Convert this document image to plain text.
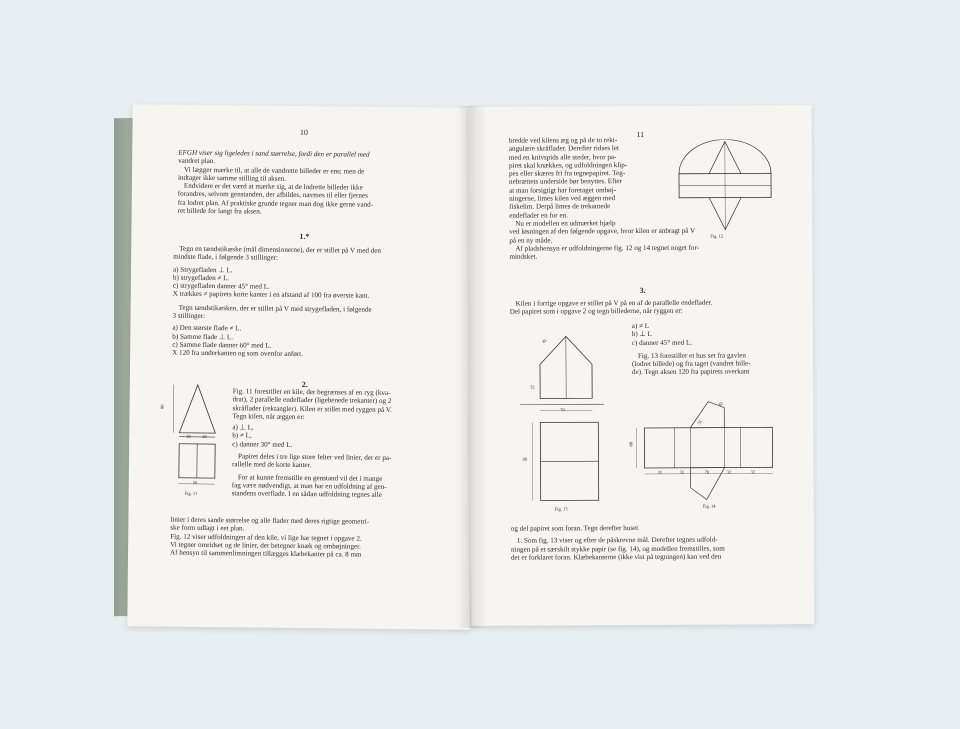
10

EFGH viser sig ligeledes i sand størrelse, fordi den er parallel med

vandret plan.

Vi lægger mærke til, at alle de vandrette billeder er ens; men de

indtager ikke samme stilling til aksen.

Endvidere er det værd at mærke sig, at de lodrette billeder ikke

forandres, selvom genstanden, der afbildes, nærmes til eller fjernes

fra lodret plan. Af praktiske grunde tegner man dog ikke gerne vand-

ret billede for langt fra aksen.

1.*

Tegn en tændstikæske (mål dimensionerne), der er stillet på V med den

mindste flade, i følgende 3 stillinger:

a) Strygefladen ⊥ L.

b) strygefladen ≠ L.

c) strygefladen danner 45° med L.

X trækkes ≠ papirets korte kanter i en afstand af 100 fra øverste kant.

Tegn tændstikæsken, der er stillet på V med strygefladen, i følgende

3 stillinger:

a) Den største flade ≠ L.

b) Samme flade ⊥ L.

c) Samme flade danner 60° med L.

X 120 fra underkanten og som ovenfor anført.

2.
80
26	26
56
Fig. 11

Fig. 11 forestiller en kile, der begrænses af en ryg (kva-

drat), 2 parallelle endeflader (ligebenede trekanter) og 2

skråflader (rektangler). Kilen er stillet med ryggen på V.

Tegn kilen, når æggen er:

a) ⊥ L,

b) ≠ L,

c) danner 30° med L.

Papiret deles i tre lige store felter ved linier, der er pa-

rallelle med de korte kanter.

For at kunne fremstille en genstand vil det i mange

fag være nødvendigt, at man har en udfoldning af gen-

standens overflade. I en sådan udfoldning tegnes alle

linier i deres sande størrelse og alle flader med deres rigtige geometri-

ske form udlagt i eet plan.

Fig. 12 viser udfoldningen af den kile, vi lige har tegnet i opgave 2.

Vi tegner omridset og de linier, der betegner knæk og ombøjninger.

Af hensyn til sammenlimningen tillægges klæbekanter på ca. 8 mm

11

bredde ved kilens æg og på de to rekt-

angulære skråflader. Derefter ridses let

med en knivspids alle steder, hvor pa-

piret skal knækkes, og udfoldningen klip-

pes eller skæres fri fra tegnepapiret. Teg-

nebrættets underside bør benyttes. Efter

at man forsigtigt har foretaget ombøj-

ningerne, limes kilen ved æggen med

fiskelim. Derpå limes de trekantede

endeflader en for en.

Fig. 12

Nu er modellen en udmærket hjælp

ved løsningen af den følgende opgave, hvor kilen er anbragt på V

på en ny måde.

Af pladshensyn er udfoldningerne fig. 12 og 14 tegnet noget for-

mindsket.

3.

Kilen i forrige opgave er stillet på V på en af de parallelle endeflader.

Del papiret som i opgave 2 og tegn billederne, når ryggen er:

a) ≠ L

b) ⊥ L

c) danner 45° med L.

Fig. 13 forestiller et hus set fra gavlen

(lodret billede) og fra taget (vandret bille-

de). Tegn aksen 120 fra papirets overkant

42
32
70
80
Fig. 13
42
32
80
32	32	70	32	32
Fig. 14

og del papiret som foran. Tegn derefter huset

1. Som fig. 13 viser og efter de påskrevne mål. Derefter tegnes udfold-

ningen på et særskilt stykke papir (se fig. 14), og modellen fremstilles, som

det er forklaret foran. Klæbekanterne (ikke vist på tegningen) kan ved den
